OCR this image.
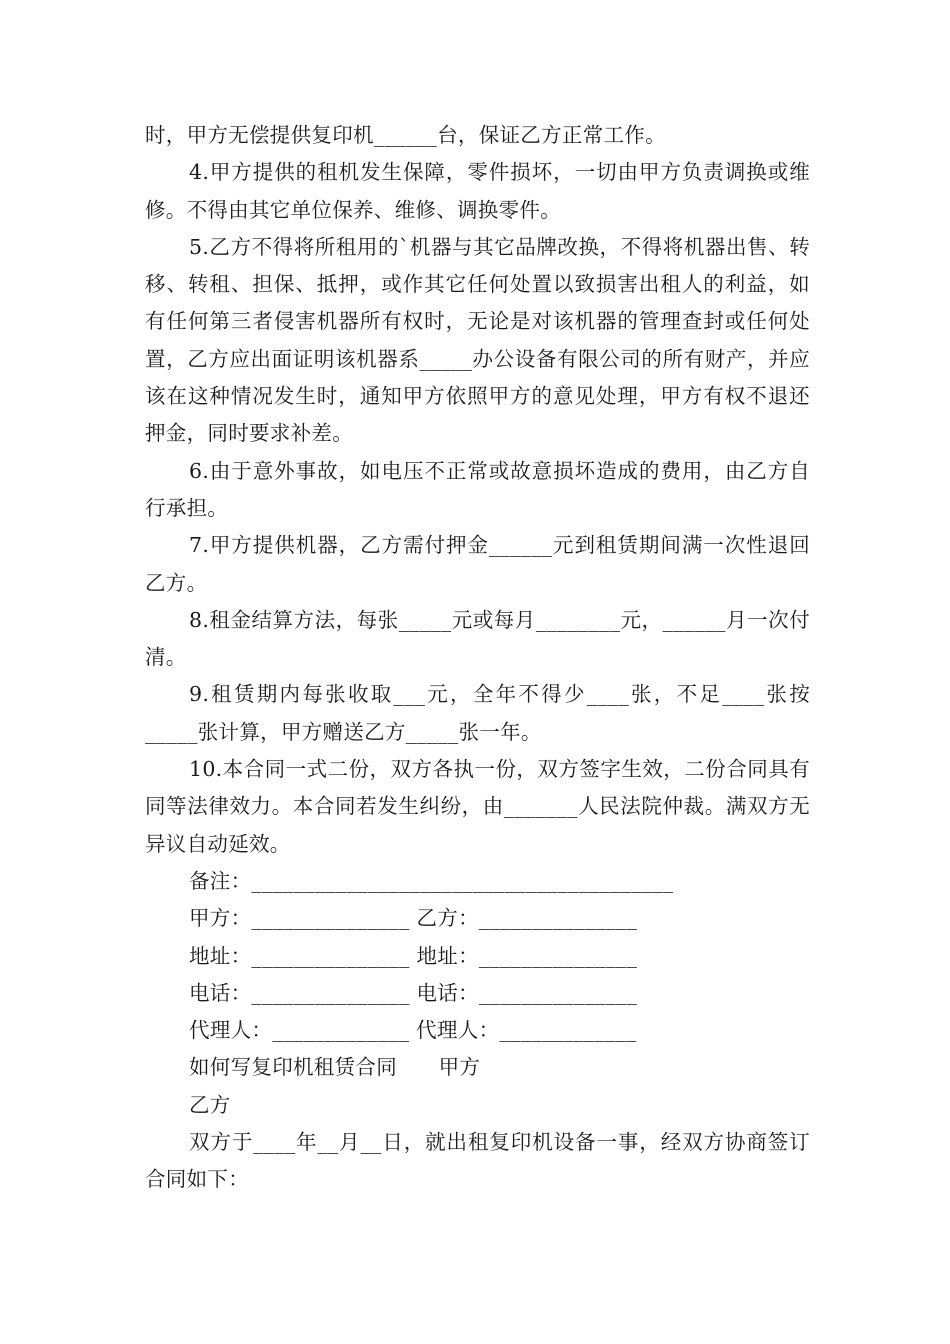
时，甲方无偿提供复印机______台，保证乙方正常工作。

4.甲方提供的租机发生保障，零件损坏，一切由甲方负责调换或维修。不得由其它单位保养、维修、调换零件。

5.乙方不得将所租用的`机器与其它品牌改换，不得将机器出售、转移、转租、担保、抵押，或作其它任何处置以致损害出租人的利益，如有任何第三者侵害机器所有权时，无论是对该机器的管理查封或任何处置，乙方应出面证明该机器系_____办公设备有限公司的所有财产，并应该在这种情况发生时，通知甲方依照甲方的意见处理，甲方有权不退还押金，同时要求补差。

6.由于意外事故，如电压不正常或故意损坏造成的费用，由乙方自行承担。

7.甲方提供机器，乙方需付押金______元到租赁期间满一次性退回乙方。

8.租金结算方法，每张_____元或每月________元，______月一次付清。

9.租赁期内每张收取___元，全年不得少____张，不足____张按_____张计算，甲方赠送乙方_____张一年。

10.本合同一式二份，双方各执一份，双方签字生效，二份合同具有同等法律效力。本合同若发生纠纷，由_______人民法院仲裁。满双方无异议自动延效。

备注：________________________________________

甲方：_______________ 乙方：_______________

地址：_______________ 地址：_______________

电话：_______________ 电话：_______________

代理人：_____________ 代理人：_____________

如何写复印机租赁合同　　甲方

乙方

双方于____年__月__日，就出租复印机设备一事，经双方协商签订合同如下：
